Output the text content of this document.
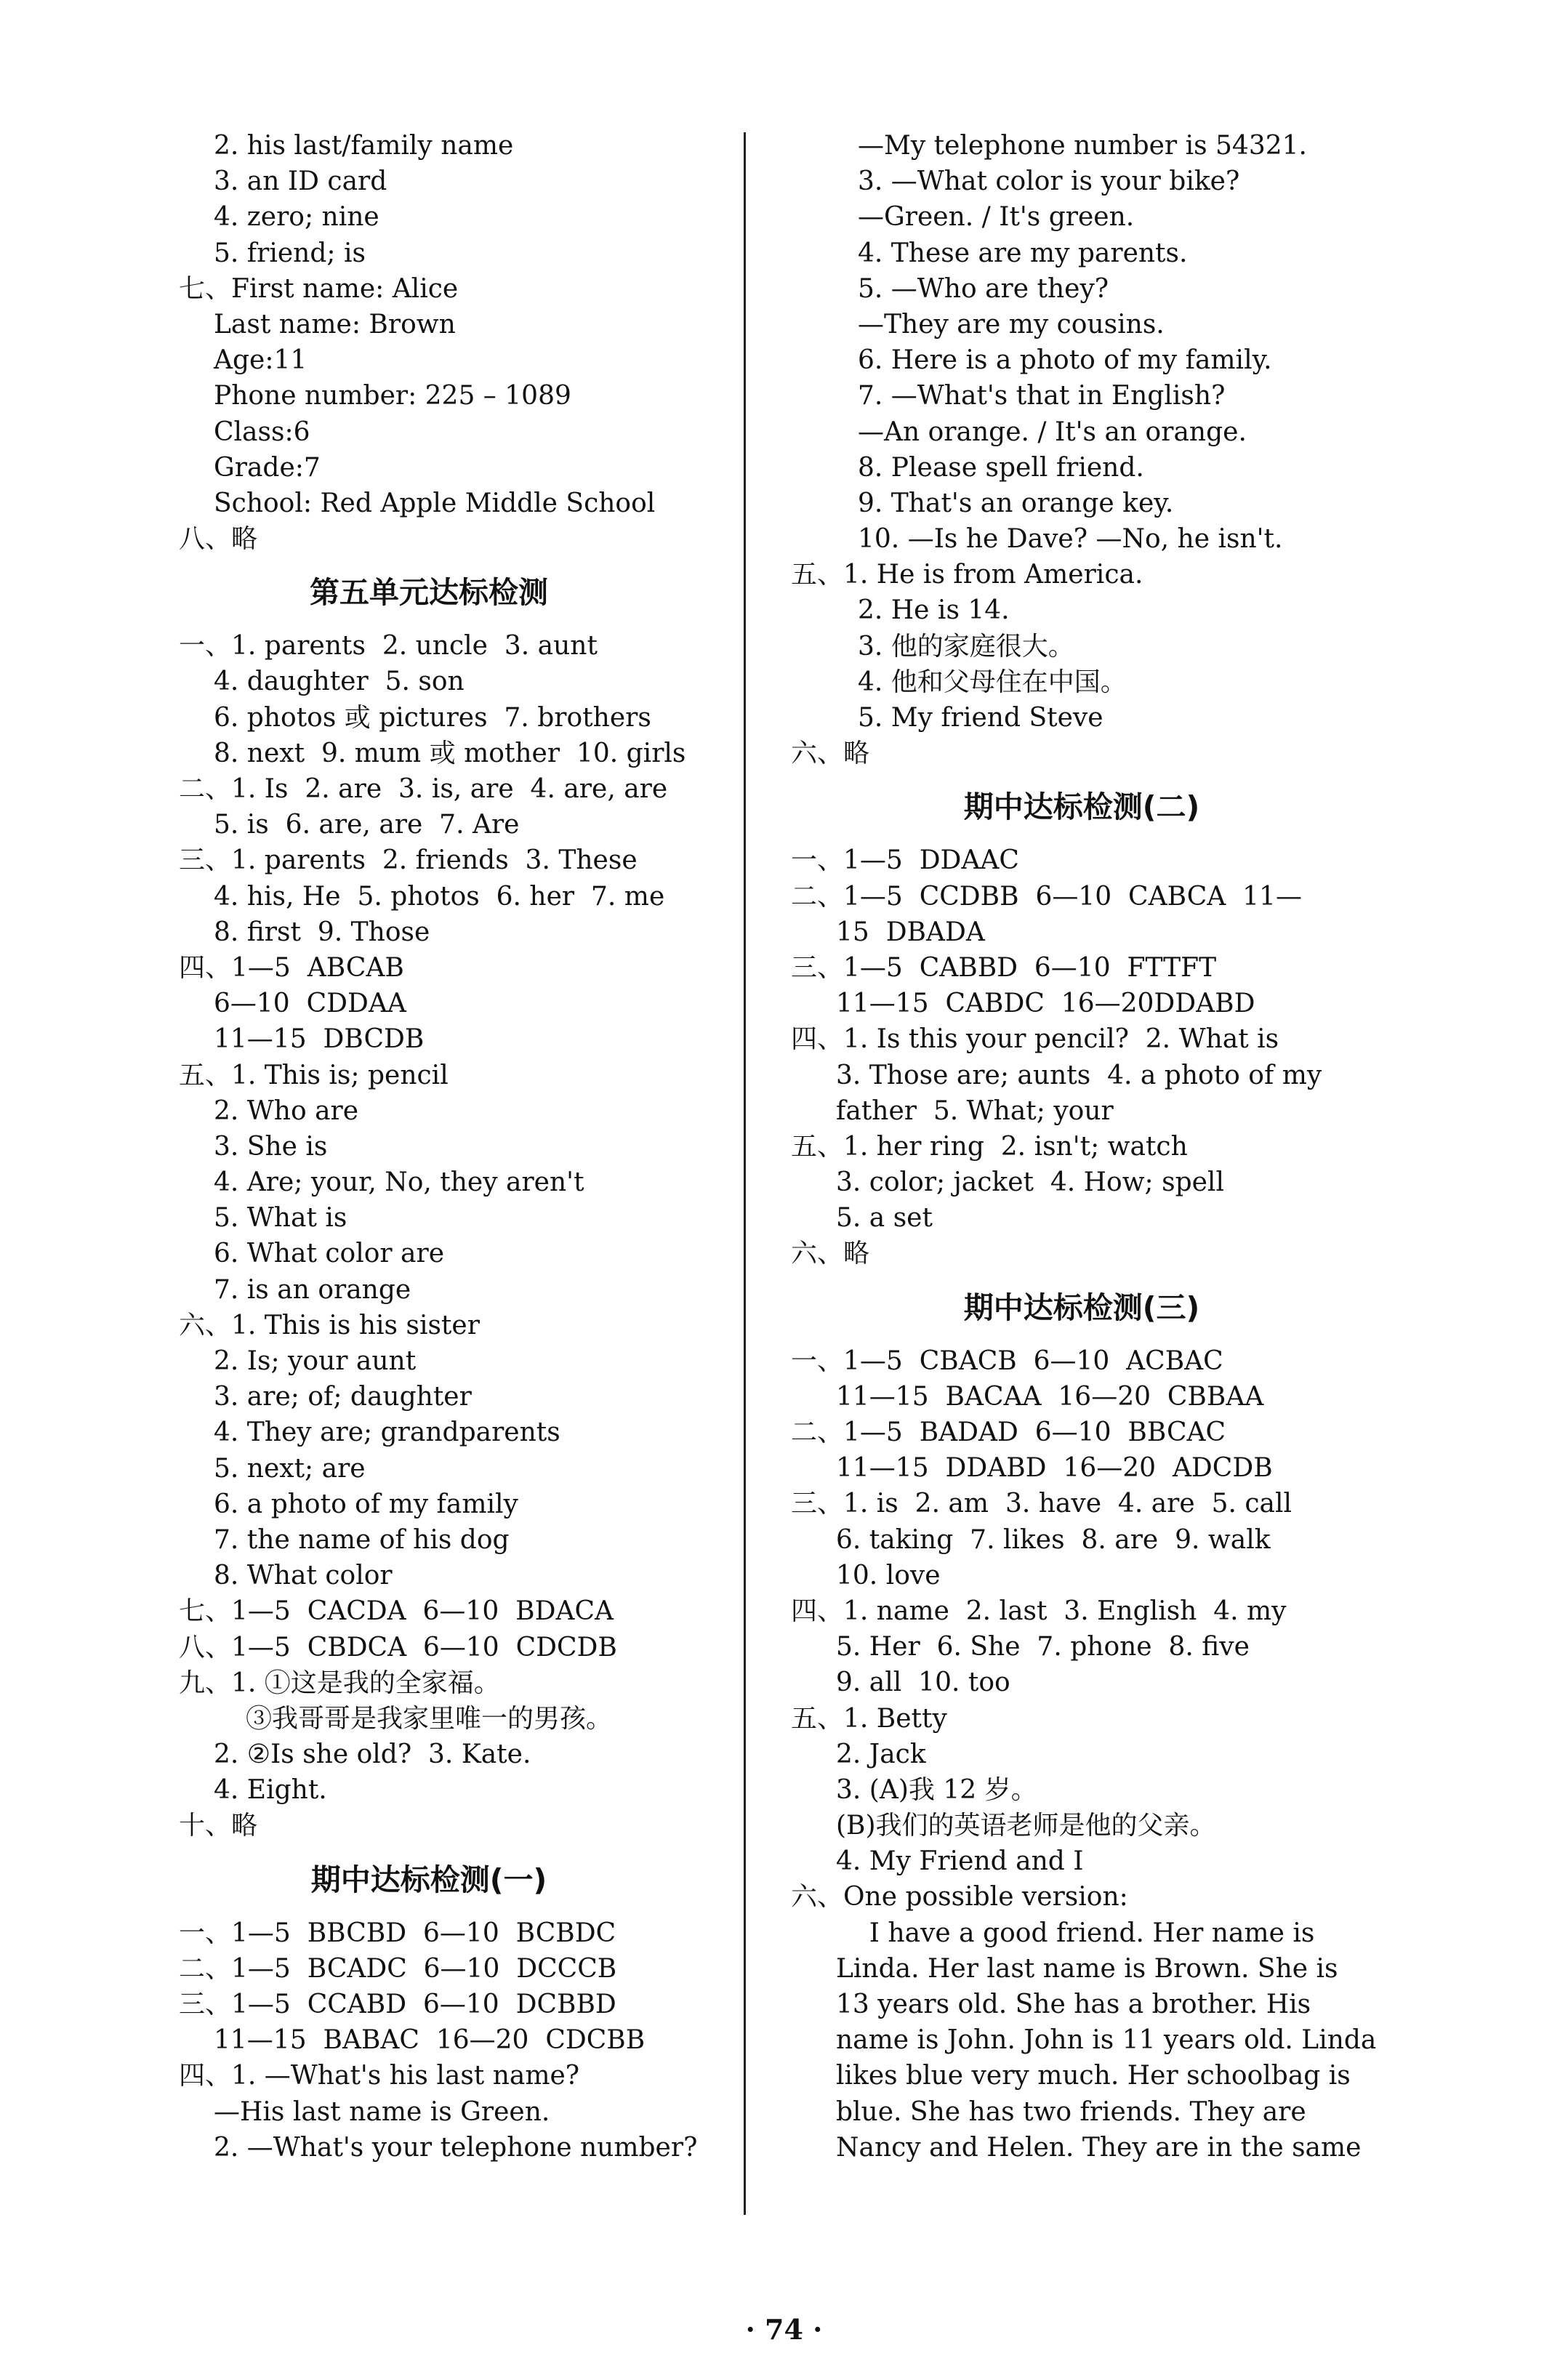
2. his last/family name
3. an ID card
4. zero; nine
5. friend; is
七、First name: Alice
Last name: Brown
Age:11
Phone number: 225 – 1089
Class:6
Grade:7
School: Red Apple Middle School
八、略
第五单元达标检测
一、1. parents  2. uncle  3. aunt
4. daughter  5. son
6. photos 或 pictures  7. brothers
8. next  9. mum 或 mother  10. girls
二、1. Is  2. are  3. is, are  4. are, are
5. is  6. are, are  7. Are
三、1. parents  2. friends  3. These
4. his, He  5. photos  6. her  7. me
8. first  9. Those
四、1—5  ABCAB
6—10  CDDAA
11—15  DBCDB
五、1. This is; pencil
2. Who are
3. She is
4. Are; your, No, they aren't
5. What is
6. What color are
7. is an orange
六、1. This is his sister
2. Is; your aunt
3. are; of; daughter
4. They are; grandparents
5. next; are
6. a photo of my family
7. the name of his dog
8. What color
七、1—5  CACDA  6—10  BDACA
八、1—5  CBDCA  6—10  CDCDB
九、1. ①这是我的全家福。
③我哥哥是我家里唯一的男孩。
2. ②Is she old?  3. Kate.
4. Eight.
十、略
期中达标检测(一)
一、1—5  BBCBD  6—10  BCBDC
二、1—5  BCADC  6—10  DCCCB
三、1—5  CCABD  6—10  DCBBD
11—15  BABAC  16—20  CDCBB
四、1. —What's his last name?
—His last name is Green.
2. —What's your telephone number?
—My telephone number is 54321.
3. —What color is your bike?
—Green. / It's green.
4. These are my parents.
5. —Who are they?
—They are my cousins.
6. Here is a photo of my family.
7. —What's that in English?
—An orange. / It's an orange.
8. Please spell friend.
9. That's an orange key.
10. —Is he Dave? —No, he isn't.
五、1. He is from America.
2. He is 14.
3. 他的家庭很大。
4. 他和父母住在中国。
5. My friend Steve
六、略
期中达标检测(二)
一、1—5  DDAAC
二、1—5  CCDBB  6—10  CABCA  11—
15  DBADA
三、1—5  CABBD  6—10  FTTFT
11—15  CABDC  16—20DDABD
四、1. Is this your pencil?  2. What is
3. Those are; aunts  4. a photo of my
father  5. What; your
五、1. her ring  2. isn't; watch
3. color; jacket  4. How; spell
5. a set
六、略
期中达标检测(三)
一、1—5  CBACB  6—10  ACBAC
11—15  BACAA  16—20  CBBAA
二、1—5  BADAD  6—10  BBCAC
11—15  DDABD  16—20  ADCDB
三、1. is  2. am  3. have  4. are  5. call
6. taking  7. likes  8. are  9. walk
10. love
四、1. name  2. last  3. English  4. my
5. Her  6. She  7. phone  8. five
9. all  10. too
五、1. Betty
2. Jack
3. (A)我 12 岁。
(B)我们的英语老师是他的父亲。
4. My Friend and I
六、One possible version:
I have a good friend. Her name is
Linda. Her last name is Brown. She is
13 years old. She has a brother. His
name is John. John is 11 years old. Linda
likes blue very much. Her schoolbag is
blue. She has two friends. They are
Nancy and Helen. They are in the same
· 74 ·
